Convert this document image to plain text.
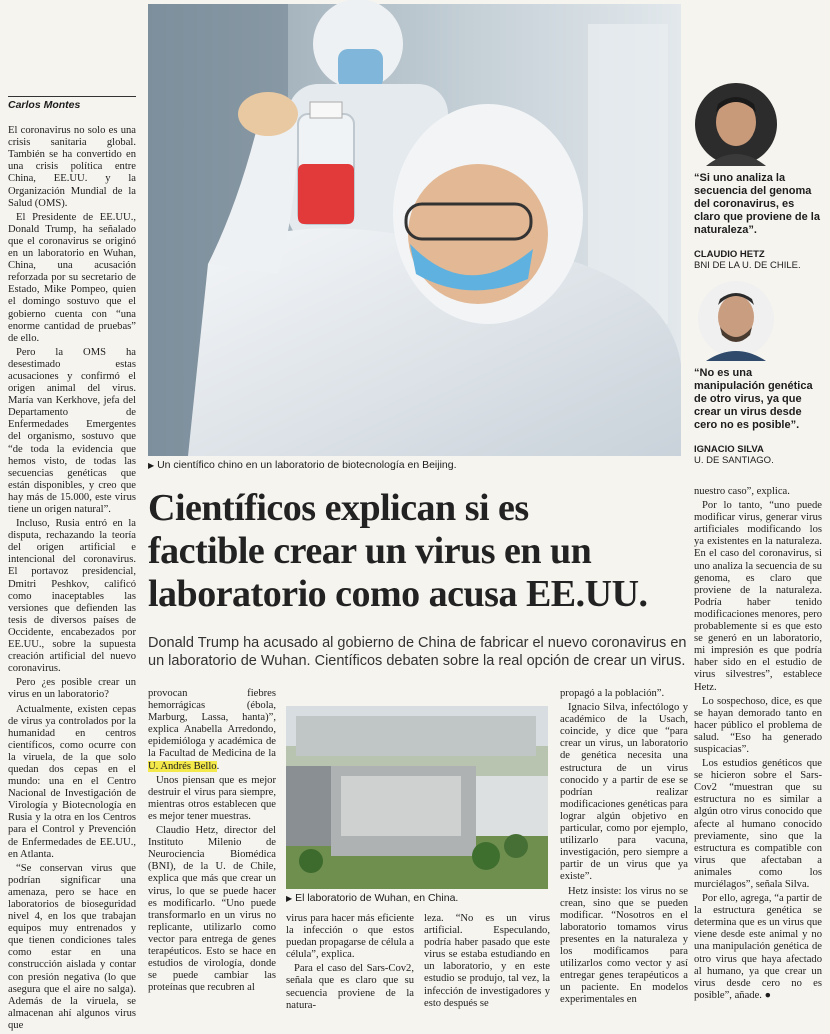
Carlos Montes

El coronavirus no solo es una crisis sanitaria global. También se ha convertido en una crisis política entre China, EE.UU. y la Organización Mundial de la Salud (OMS).

El Presidente de EE.UU., Donald Trump, ha señalado que el coronavirus se originó en un laboratorio en Wuhan, China, una acusación reforzada por su secretario de Estado, Mike Pompeo, quien el domingo sostuvo que el gobierno cuenta con “una enorme cantidad de pruebas” de ello.

Pero la OMS ha desestimado estas acusaciones y confirmó el origen animal del virus. María van Kerkhove, jefa del Departamento de Enfermedades Emergentes del organismo, sostuvo que “de toda la evidencia que hemos visto, de todas las secuencias genéticas que están disponibles, y creo que hay más de 15.000, este virus tiene un origen natural”.

Incluso, Rusia entró en la disputa, rechazando la teoría del origen artificial e intencional del coronavirus. El portavoz presidencial, Dmitri Peshkov, calificó como inaceptables las versiones que defienden las tesis de diversos países de Occidente, encabezados por EE.UU., sobre la supuesta creación artificial del nuevo coronavirus.

Pero ¿es posible crear un virus en un laboratorio?

Actualmente, existen cepas de virus ya controlados por la humanidad en centros científicos, como ocurre con la viruela, de la que solo quedan dos cepas en el mundo: una en el Centro Nacional de Investigación de Virología y Biotecnología en Rusia y la otra en los Centros para el Control y Prevención de Enfermedades de EE.UU., en Atlanta.

“Se conservan virus que podrían significar una amenaza, pero se hace en laboratorios de bioseguridad nivel 4, en los que trabajan equipos muy entrenados y que tienen condiciones tales como estar en una construcción aislada y contar con presión negativa (lo que asegura que el aire no salga). Además de la viruela, se almacenan ahí algunos virus que

▶ Un científico chino en un laboratorio de biotecnología en Beijing.
“Si uno analiza la secuencia del genoma del coronavirus, es claro que proviene de la naturaleza”.
CLAUDIO HETZ
BNI DE LA U. DE CHILE.
“No es una manipulación genética de otro virus, ya que crear un virus desde cero no es posible”.
IGNACIO SILVA
U. DE SANTIAGO.
Científicos explican si es
factible crear un virus en un
laboratorio como acusa EE.UU.
Donald Trump ha acusado al gobierno de China de fabricar el nuevo coronavirus en un laboratorio de Wuhan. Científicos debaten sobre la real opción de crear un virus.

provocan fiebres hemorrágicas (ébola, Marburg, Lassa, hanta)”, explica Anabella Arredondo, epidemióloga y académica de la Facultad de Medicina de la U. Andrés Bello.

Unos piensan que es mejor destruir el virus para siempre, mientras otros establecen que es mejor tener muestras.

Claudio Hetz, director del Instituto Milenio de Neurociencia Biomédica (BNI), de la U. de Chile, explica que más que crear un virus, lo que se puede hacer es modificarlo. “Uno puede transformarlo en un virus no replicante, utilizarlo como vector para entrega de genes terapéuticos. Esto se hace en estudios de virología, donde se puede cambiar las proteínas que recubren al

▶ El laboratorio de Wuhan, en China.

virus para hacer más eficiente la infección o que estos puedan propagarse de célula a célula”, explica.

Para el caso del Sars-Cov2, señala que es claro que su secuencia proviene de la natura-

leza. “No es un virus artificial. Especulando, podría haber pasado que este virus se estaba estudiando en un laboratorio, y en este estudio se produjo, tal vez, la infección de investigadores y esto después se

propagó a la población”.

Ignacio Silva, infectólogo y académico de la Usach, coincide, y dice que “para crear un virus, un laboratorio de genética necesita una estructura de un virus conocido y a partir de ese se podrían realizar modificaciones genéticas para lograr algún objetivo en particular, como por ejemplo, utilizarlo para vacuna, investigación, pero siempre a partir de un virus que ya existe”.

Hetz insiste: los virus no se crean, sino que se pueden modificar. “Nosotros en el laboratorio tomamos virus presentes en la naturaleza y los modificamos para utilizarlos como vector y así entregar genes terapéuticos a un paciente. En modelos experimentales en

nuestro caso”, explica.

Por lo tanto, “uno puede modificar virus, generar virus artificiales modificando los ya existentes en la naturaleza. En el caso del coronavirus, si uno analiza la secuencia de su genoma, es claro que proviene de la naturaleza. Podría haber tenido modificaciones menores, pero probablemente si es que esto se generó en un laboratorio, mi impresión es que podría haber sido en el estudio de virus silvestres”, establece Hetz.

Lo sospechoso, dice, es que se hayan demorado tanto en hacer público el problema de salud. “Eso ha generado suspicacias”.

Los estudios genéticos que se hicieron sobre el Sars-Cov2 “muestran que su estructura no es similar a algún otro virus conocido que afecte al humano conocido previamente, sino que la estructura es compatible con virus que afectaban a animales como los murciélagos”, señala Silva.

Por ello, agrega, “a partir de la estructura genética se determina que es un virus que viene desde este animal y no una manipulación genética de otro virus que haya afectado al humano, ya que crear un virus desde cero no es posible”, añade. ●
